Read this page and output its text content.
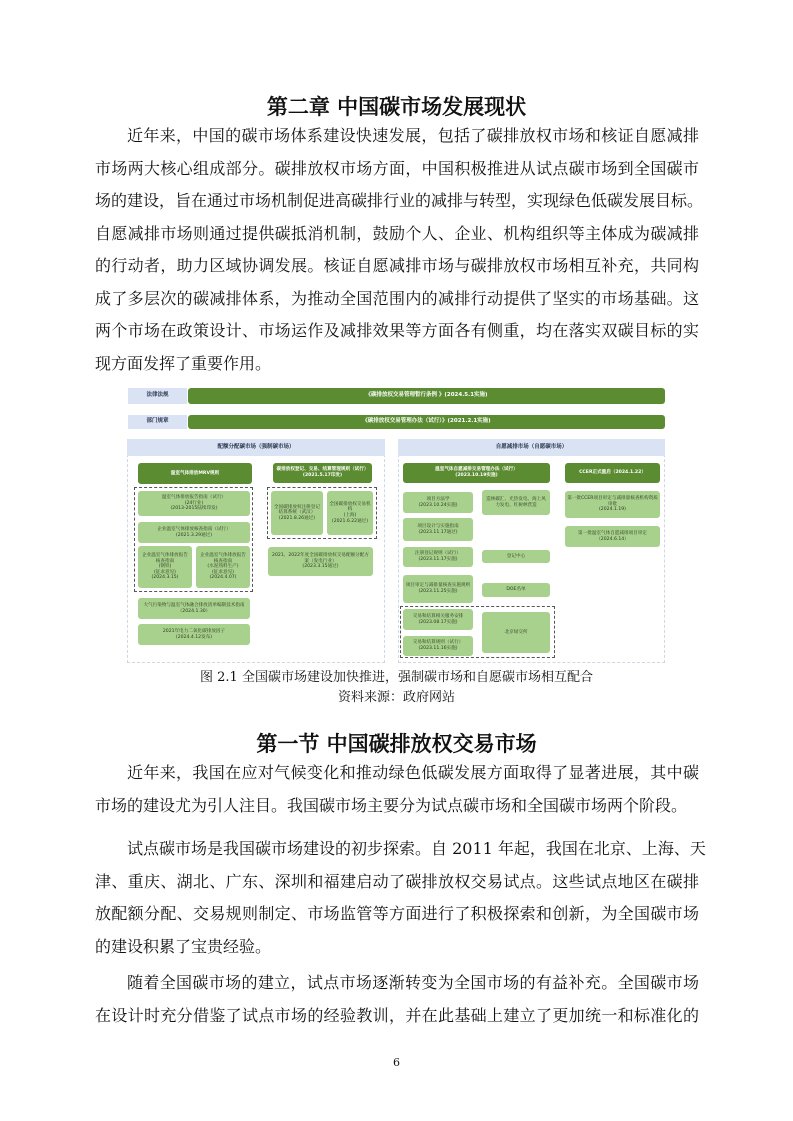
第二章 中国碳市场发展现状
近年来，中国的碳市场体系建设快速发展，包括了碳排放权市场和核证自愿减排
市场两大核心组成部分。碳排放权市场方面，中国积极推进从试点碳市场到全国碳市
场的建设，旨在通过市场机制促进高碳排行业的减排与转型，实现绿色低碳发展目标。
自愿减排市场则通过提供碳抵消机制，鼓励个人、企业、机构组织等主体成为碳减排
的行动者，助力区域协调发展。核证自愿减排市场与碳排放权市场相互补充，共同构
成了多层次的碳减排体系，为推动全国范围内的减排行动提供了坚实的市场基础。这
两个市场在政策设计、市场运作及减排效果等方面各有侧重，均在落实双碳目标的实
现方面发挥了重要作用。
法律法规	《碳排放权交易管理暂行条例 》(2024.5.1实施)
部门规章	《碳排放权交易管理办法（试行）》(2021.2.1实施)
配额分配碳市场（强制碳市场）
温室气体排放MRV规则
碳排放权登记、交易、结算管理规则（试行）(2021.5.17印发)
温室气体排放报告指南（试行）
(24行业)
(2013-2015陆续印发)
企业温室气体排放核查指南（试行）
(2021.3.29通过)
企业温室气体排放报告核查指南
(钢铁)
(征求意见)
(2024.3.15)
企业温室气体排放报告核查指南
(水泥熟料生产)
(征求意见)
(2024.4.07)
全国碳排放权注册登记结算系统（武汉）
(2021.8.26通过)
全国碳排放权交易机构
(上海)
(2021.6.22通过)
2021、2022年度全国碳排放权交易配额分配方案（发电行业）
(2023.3.15通过)
大气污染物与温室气体融合排放清单编制技术指南（2024.1.30）
2021年电力二氧化碳排放因子
(2024.4.12发布)
自愿减排市场（自愿碳市场）
温室气体自愿减排交易管理办法（试行）
(2023.10.19实施)
CCER正式重启（2024.1.22）
项目方法学
(2023.10.24实施)
造林碳汇、光热发电、海上风力发电、红树林营造
第一批CCER项目审定与减排量核查机构资质审批
(2024.1.19)
项目设计与实施指南
(2023.11.17通过)	第一批温室气体自愿减排项目审定（2024.6.14）
注册登记规则（试行）
(2023.11.17实施)
登记中心
项目审定与减排量核查实施规则
(2023.11.25实施)	DOE名单
交易和结算相关服务安排
(2023.08.17实施)
交易和结算规则（试行）
(2023.11.16实施)
北京绿交所
图 2.1 全国碳市场建设加快推进，强制碳市场和自愿碳市场相互配合
资料来源：政府网站
第一节 中国碳排放权交易市场
近年来，我国在应对气候变化和推动绿色低碳发展方面取得了显著进展，其中碳
市场的建设尤为引人注目。我国碳市场主要分为试点碳市场和全国碳市场两个阶段。
试点碳市场是我国碳市场建设的初步探索。自 2011 年起，我国在北京、上海、天
津、重庆、湖北、广东、深圳和福建启动了碳排放权交易试点。这些试点地区在碳排
放配额分配、交易规则制定、市场监管等方面进行了积极探索和创新，为全国碳市场
的建设积累了宝贵经验。
随着全国碳市场的建立，试点市场逐渐转变为全国市场的有益补充。全国碳市场
在设计时充分借鉴了试点市场的经验教训，并在此基础上建立了更加统一和标准化的
6
